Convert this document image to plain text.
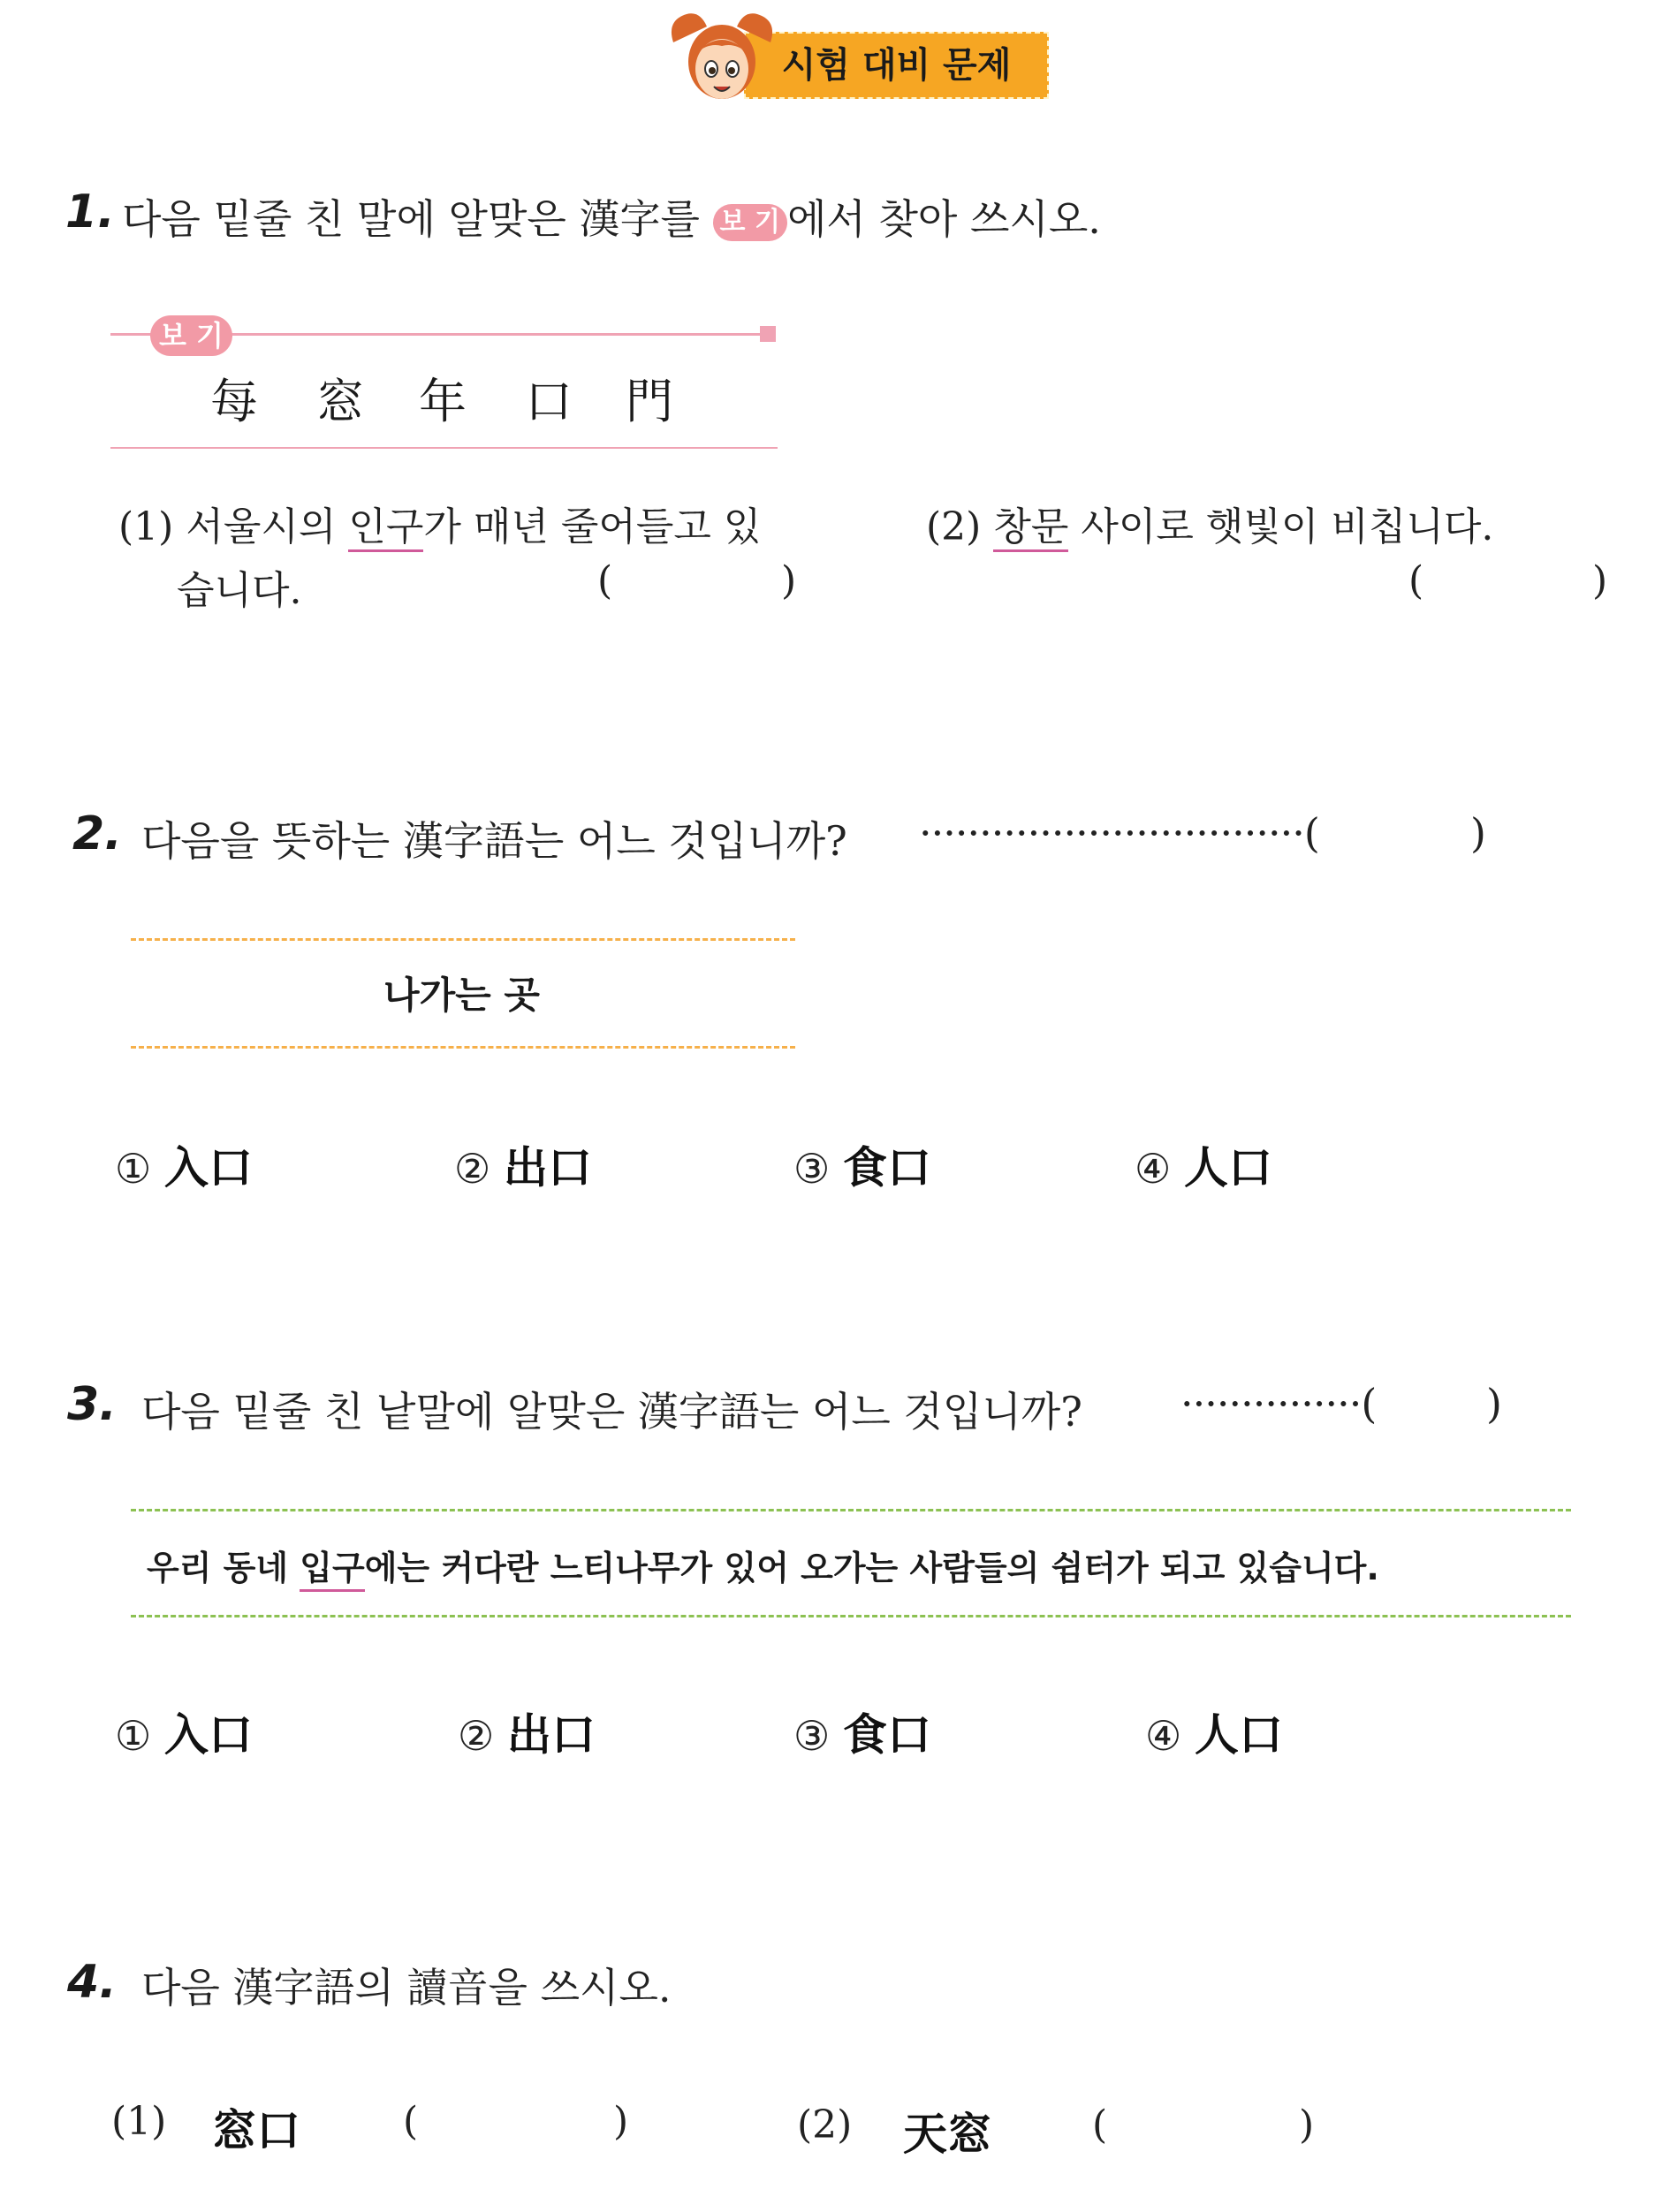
시험 대비 문제
1. 다음 밑줄 친 말에 알맞은 漢字를 보 기 에서 찾아 쓰시오.
보 기
每 窓 年 口 門
(1) 서울시의 인구가 매년 줄어들고 있
습니다.	(	)
(2) 창문 사이로 햇빛이 비칩니다.
(	)
2. 다음을 뜻하는 漢字語는 어느 것입니까? ································(	)
나가는 곳
① 入口	② 出口	③ 食口	④ 人口
3. 다음 밑줄 친 낱말에 알맞은 漢字語는 어느 것입니까? ···············(	)
우리 동네 입구에는 커다란 느티나무가 있어 오가는 사람들의 쉼터가 되고 있습니다.
① 入口	② 出口	③ 食口	④ 人口
4. 다음 漢字語의 讀音을 쓰시오.
(1) 窓口	(	)	(2) 天窓	(	)
